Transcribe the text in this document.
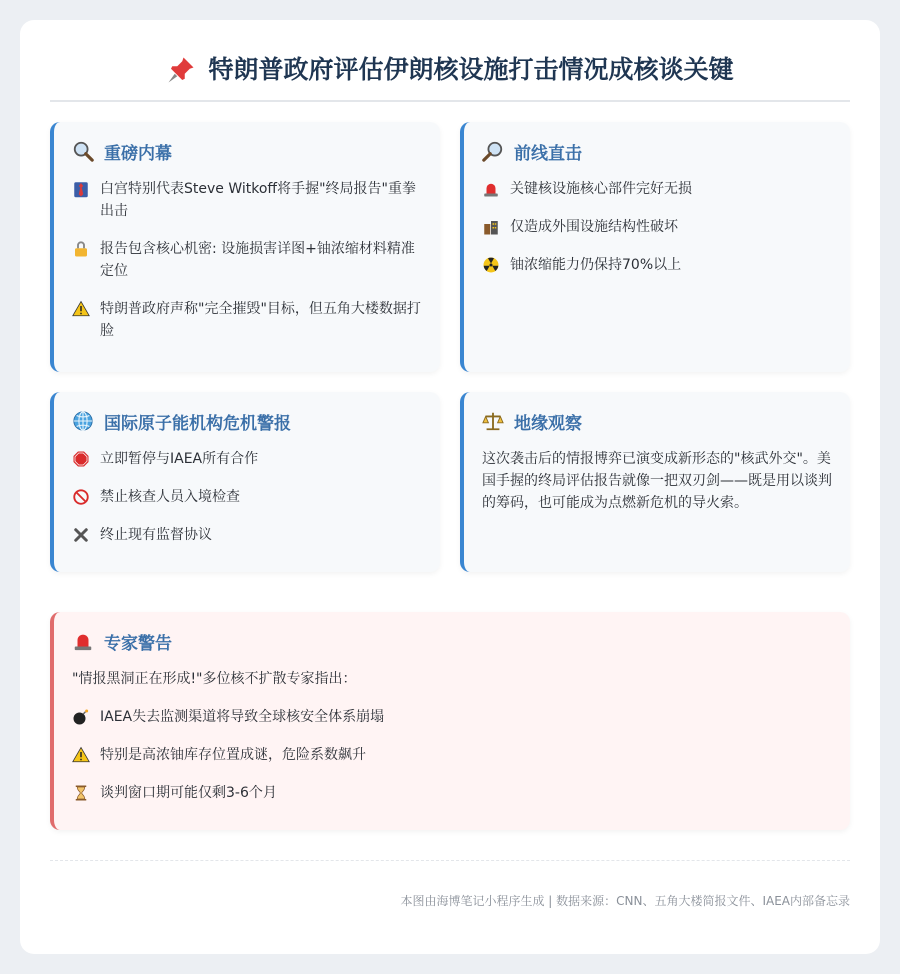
特朗普政府评估伊朗核设施打击情况成核谈关键
重磅内幕
白宫特别代表Steve Witkoff将手握"终局报告"重拳出击
报告包含核心机密: 设施损害详图+铀浓缩材料精准定位
特朗普政府声称"完全摧毁"目标，但五角大楼数据打脸
前线直击
关键核设施核心部件完好无损
仅造成外围设施结构性破坏
铀浓缩能力仍保持70%以上
国际原子能机构危机警报
立即暂停与IAEA所有合作
禁止核查人员入境检查
终止现有监督协议
地缘观察
这次袭击后的情报博弈已演变成新形态的"核武外交"。美国手握的终局评估报告就像一把双刃剑——既是用以谈判的筹码，也可能成为点燃新危机的导火索。
专家警告
"情报黑洞正在形成!"多位核不扩散专家指出：
IAEA失去监测渠道将导致全球核安全体系崩塌
特别是高浓铀库存位置成谜，危险系数飙升
谈判窗口期可能仅剩3-6个月
本图由海博笔记小程序生成 | 数据来源：CNN、五角大楼简报文件、IAEA内部备忘录
